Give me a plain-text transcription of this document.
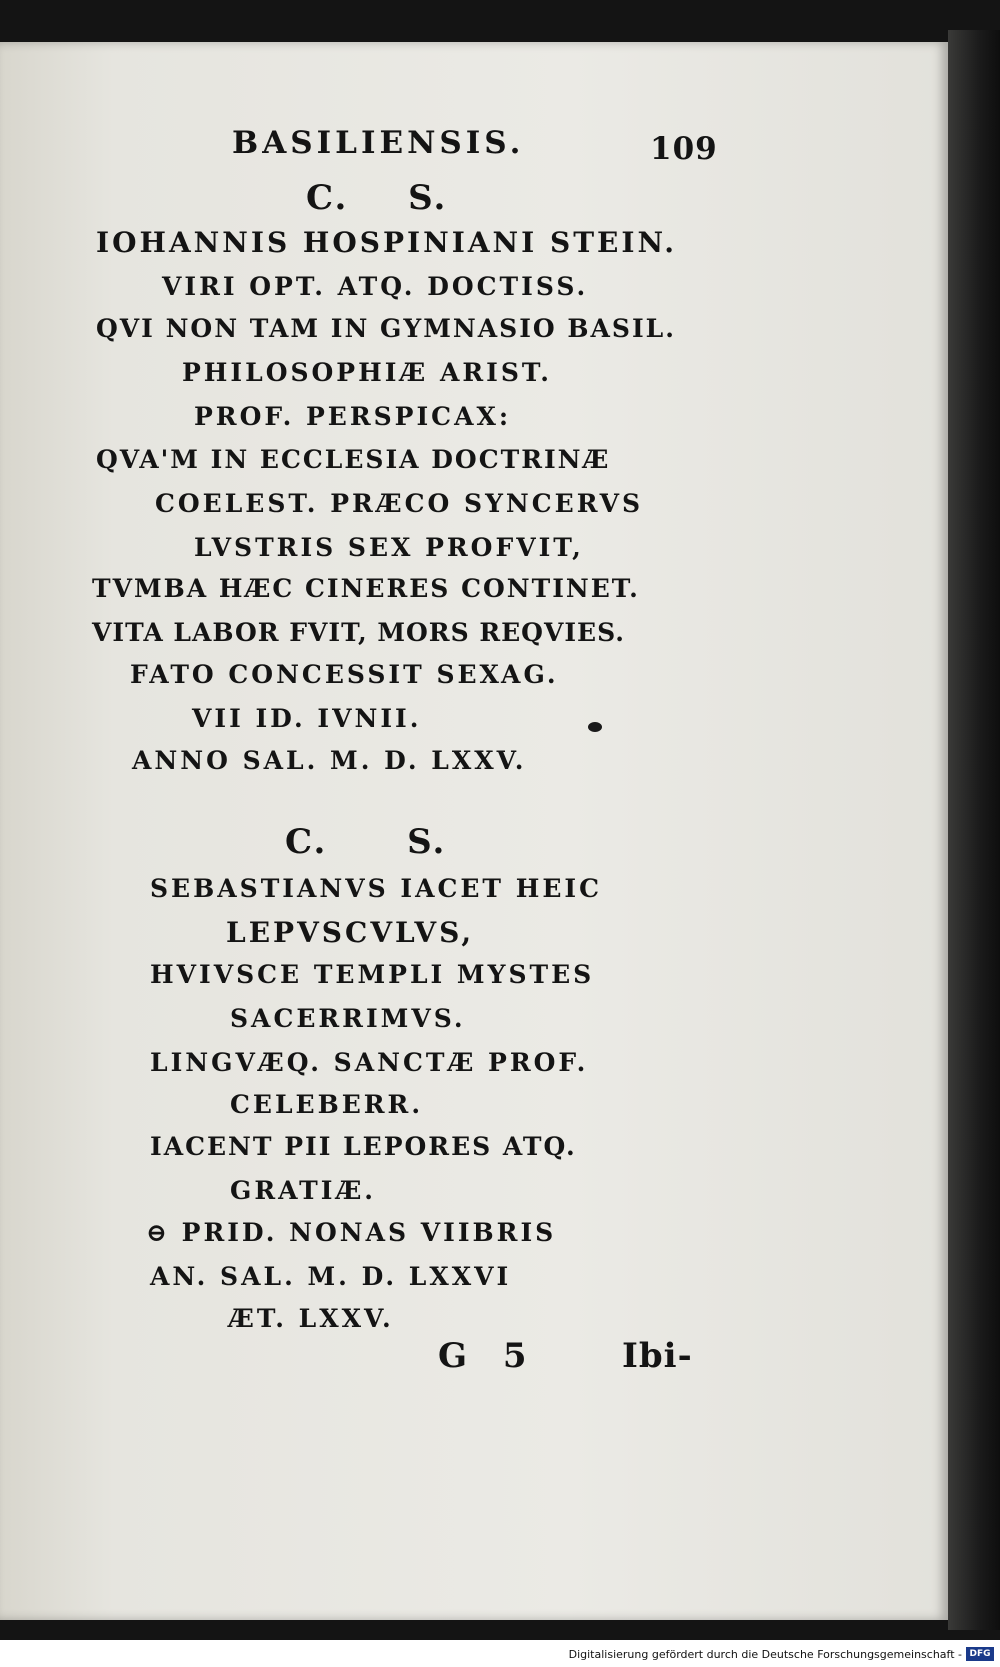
BASILIENSIS.	109
C. S.
IOHANNIS HOSPINIANI STEIN.
VIRI OPT. ATQ. DOCTISS.
QVI NON TAM IN GYMNASIO BASIL.
PHILOSOPHIÆ ARIST.
PROF. PERSPICAX:
QVA'M IN ECCLESIA DOCTRINÆ
COELEST. PRÆCO SYNCERVS
LVSTRIS SEX PROFVIT,
TVMBA HÆC CINERES CONTINET.
VITA LABOR FVIT, MORS REQVIES.
FATO CONCESSIT SEXAG.
VII ID. IVNII.
ANNO SAL. M. D. LXXV.
C. S.
SEBASTIANVS IACET HEIC
LEPVSCVLVS,
HVIVSCE TEMPLI MYSTES
SACERRIMVS.
LINGVÆQ. SANCTÆ PROF.
CELEBERR.
IACENT PII LEPORES ATQ.
GRATIÆ.
⊖ PRID. NONAS VIIBRIS
AN. SAL. M. D. LXXVI
ÆT. LXXV.
G 5	Ibi-
Digitalisierung gefördert durch die Deutsche Forschungsgemeinschaft - DFG
